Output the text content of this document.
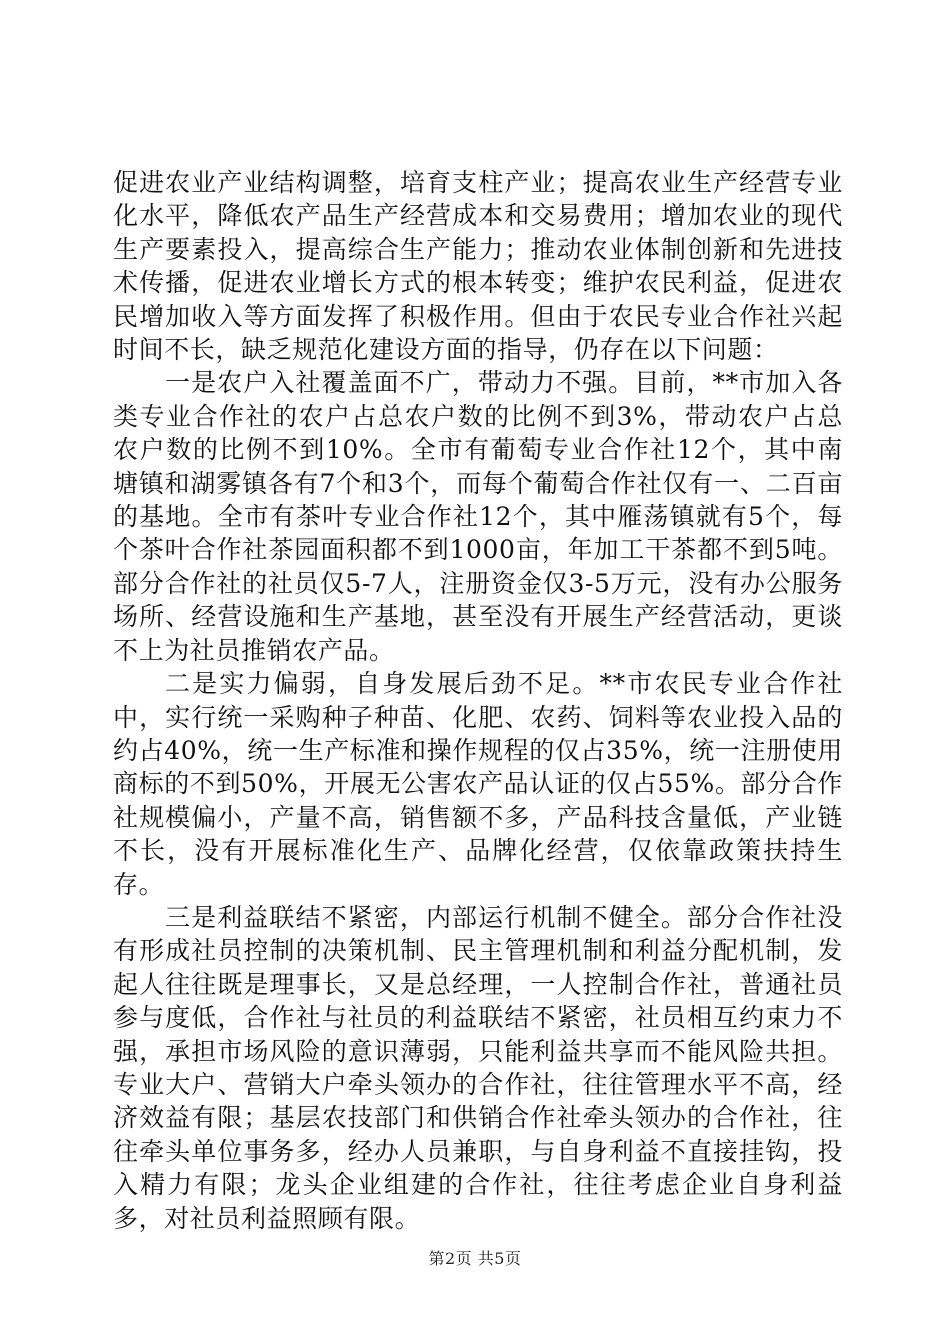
促进农业产业结构调整，培育支柱产业；提高农业生产经营专业化水平，降低农产品生产经营成本和交易费用；增加农业的现代生产要素投入，提高综合生产能力；推动农业体制创新和先进技术传播，促进农业增长方式的根本转变；维护农民利益，促进农民增加收入等方面发挥了积极作用。但由于农民专业合作社兴起时间不长，缺乏规范化建设方面的指导，仍存在以下问题：

一是农户入社覆盖面不广，带动力不强。目前，**市加入各类专业合作社的农户占总农户数的比例不到3%，带动农户占总农户数的比例不到10%。全市有葡萄专业合作社12个，其中南塘镇和湖雾镇各有7个和3个，而每个葡萄合作社仅有一、二百亩的基地。全市有茶叶专业合作社12个，其中雁荡镇就有5个，每个茶叶合作社茶园面积都不到1000亩，年加工干茶都不到5吨。部分合作社的社员仅5-7人，注册资金仅3-5万元，没有办公服务场所、经营设施和生产基地，甚至没有开展生产经营活动，更谈不上为社员推销农产品。

二是实力偏弱，自身发展后劲不足。**市农民专业合作社中，实行统一采购种子种苗、化肥、农药、饲料等农业投入品的约占40%，统一生产标准和操作规程的仅占35%，统一注册使用商标的不到50%，开展无公害农产品认证的仅占55%。部分合作社规模偏小，产量不高，销售额不多，产品科技含量低，产业链不长，没有开展标准化生产、品牌化经营，仅依靠政策扶持生存。

三是利益联结不紧密，内部运行机制不健全。部分合作社没有形成社员控制的决策机制、民主管理机制和利益分配机制，发起人往往既是理事长，又是总经理，一人控制合作社，普通社员参与度低，合作社与社员的利益联结不紧密，社员相互约束力不强，承担市场风险的意识薄弱，只能利益共享而不能风险共担。专业大户、营销大户牵头领办的合作社，往往管理水平不高，经济效益有限；基层农技部门和供销合作社牵头领办的合作社，往往牵头单位事务多，经办人员兼职，与自身利益不直接挂钩，投入精力有限；龙头企业组建的合作社，往往考虑企业自身利益多，对社员利益照顾有限。

第2页 共5页
